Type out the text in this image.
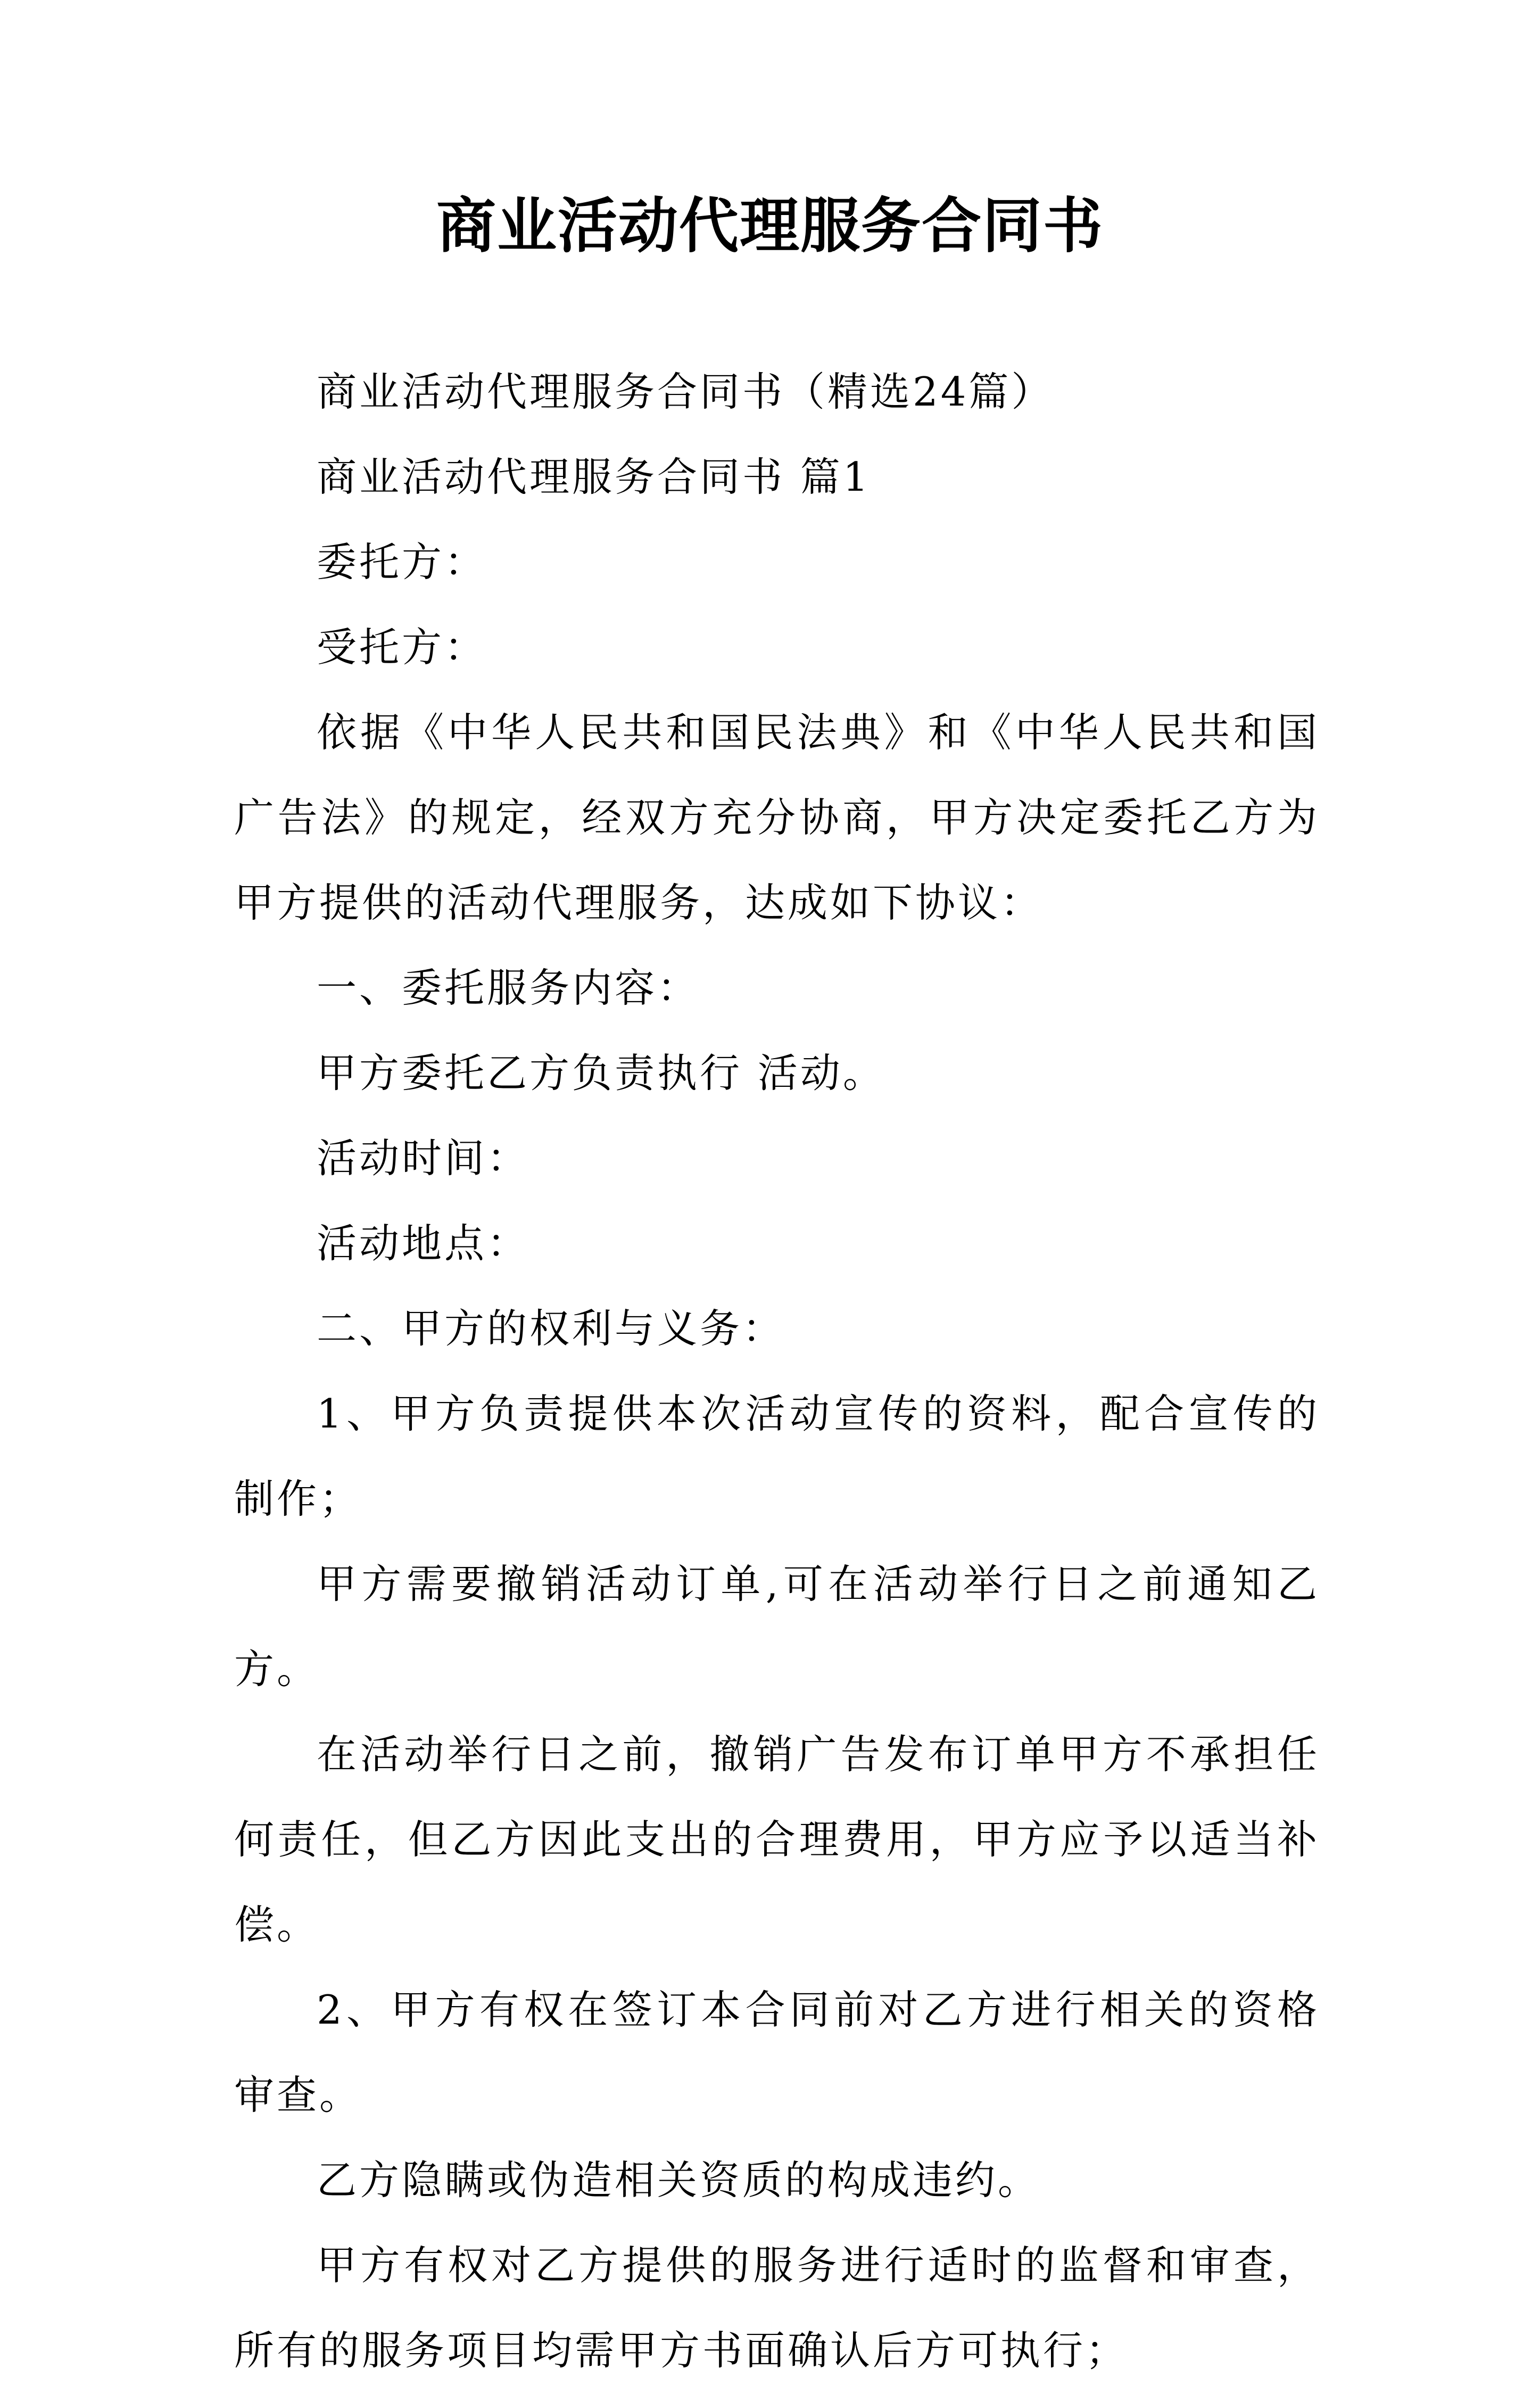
商业活动代理服务合同书

商业活动代理服务合同书（精选24篇）

商业活动代理服务合同书 篇1

委托方：

受托方：

依据《中华人民共和国民法典》和《中华人民共和国广告法》的规定，经双方充分协商，甲方决定委托乙方为甲方提供的活动代理服务，达成如下协议：

一、委托服务内容：

甲方委托乙方负责执行 活动。

活动时间：

活动地点：

二、甲方的权利与义务：

1、甲方负责提供本次活动宣传的资料，配合宣传的制作；

甲方需要撤销活动订单,可在活动举行日之前通知乙方。

在活动举行日之前，撤销广告发布订单甲方不承担任何责任，但乙方因此支出的合理费用，甲方应予以适当补偿。

2、甲方有权在签订本合同前对乙方进行相关的资格审查。

乙方隐瞒或伪造相关资质的构成违约。

甲方有权对乙方提供的服务进行适时的监督和审查，所有的服务项目均需甲方书面确认后方可执行；
